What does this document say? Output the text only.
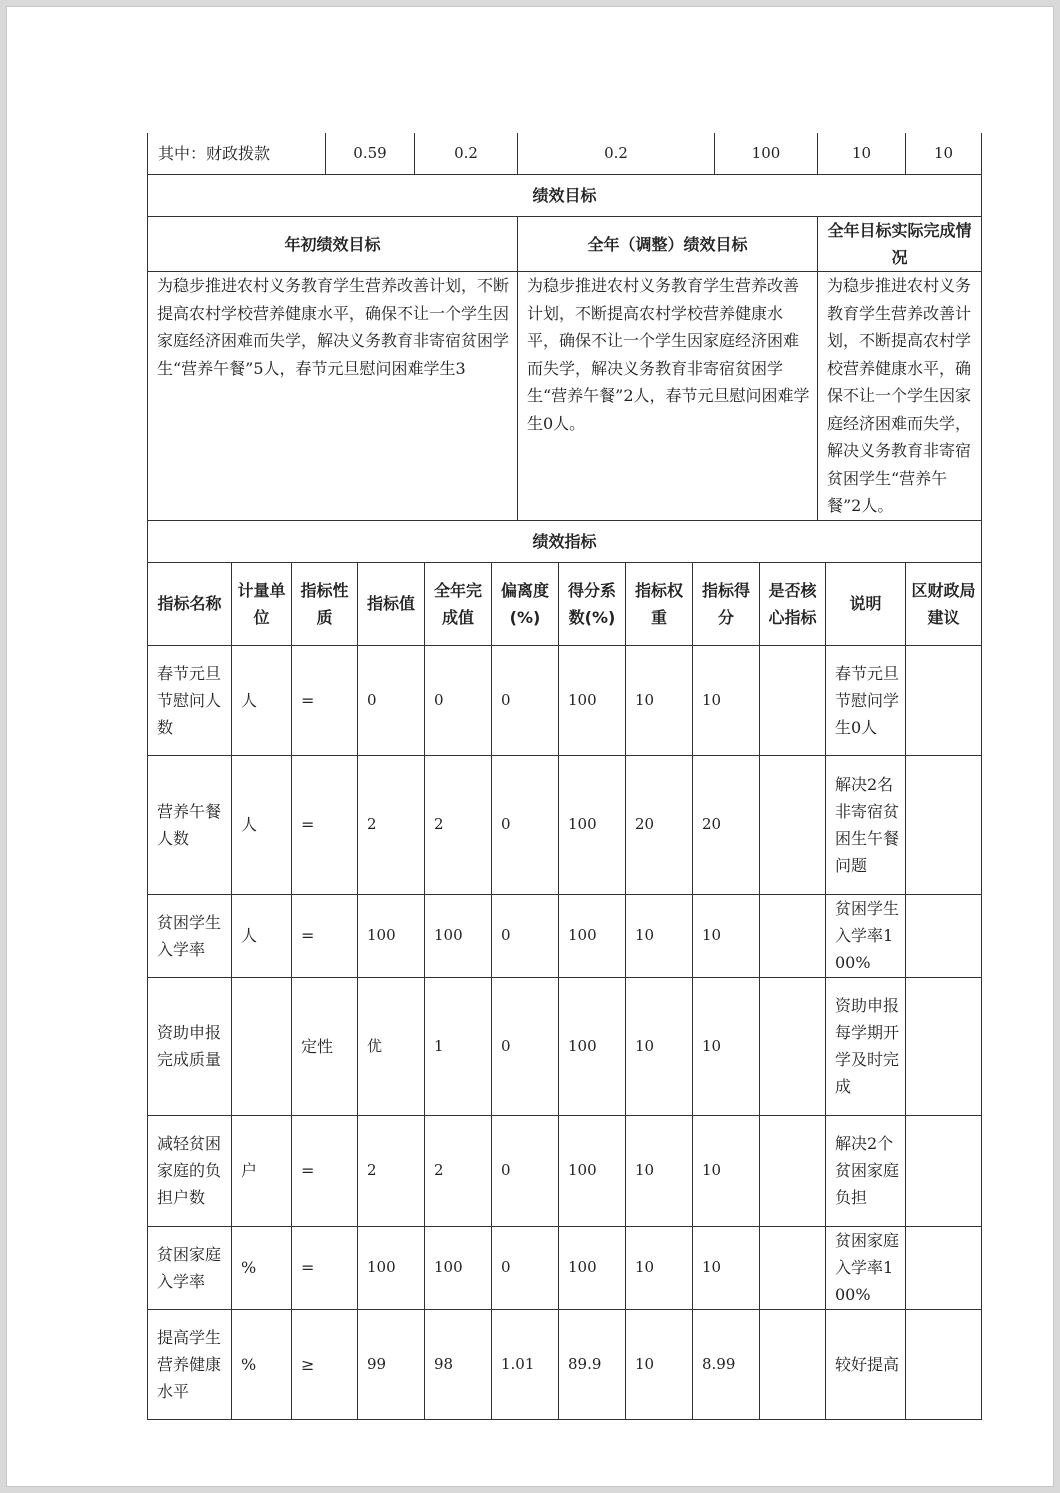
其中：财政拨款	0.59	0.2	0.2	100	10	10
绩效目标						
年初绩效目标			全年（调整）绩效目标		全年目标实际完成情况	
为稳步推进农村义务教育学生营养改善计划，不断提高农村学校营养健康水平，确保不让一个学生因家庭经济困难而失学，解决义务教育非寄宿贫困学生“营养午餐”5人，春节元旦慰问困难学生3			为稳步推进农村义务教育学生营养改善计划，不断提高农村学校营养健康水平，确保不让一个学生因家庭经济困难而失学，解决义务教育非寄宿贫困学生“营养午餐”2人，春节元旦慰问困难学生0人。		为稳步推进农村义务教育学生营养改善计划，不断提高农村学校营养健康水平，确保不让一个学生因家庭经济困难而失学，解决义务教育非寄宿贫困学生“营养午餐”2人。	
绩效指标						
指标名称	计量单位	指标性质	指标值	全年完成值	偏离度(%)	得分系数(%)	指标权重	指标得分	是否核心指标	说明	区财政局建议
春节元旦节慰问人数	人	=	0	0	0	100	10	10		春节元旦节慰问学生0人	
营养午餐人数	人	=	2	2	0	100	20	20		解决2名非寄宿贫困生午餐问题	
贫困学生入学率	人	=	100	100	0	100	10	10		贫困学生入学率100%	
资助申报完成质量		定性	优	1	0	100	10	10		资助申报每学期开学及时完成	
减轻贫困家庭的负担户数	户	=	2	2	0	100	10	10		解决2个贫困家庭负担	
贫困家庭入学率	%	=	100	100	0	100	10	10		贫困家庭入学率100%	
提高学生营养健康水平	%	≥	99	98	1.01	89.9	10	8.99		较好提高	
